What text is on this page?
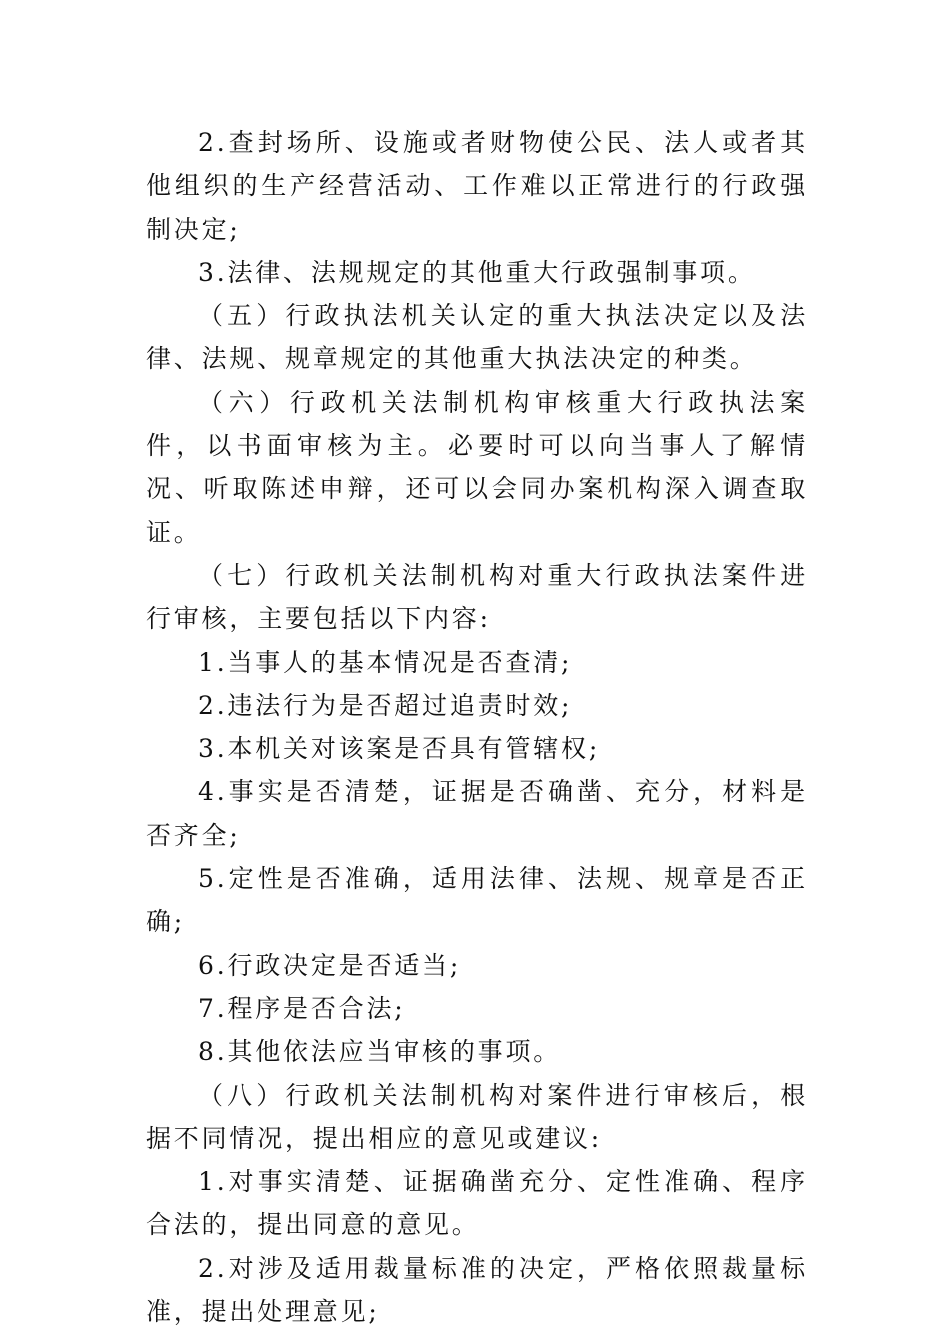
2.查封场所、设施或者财物使公民、法人或者其他组织的生产经营活动、工作难以正常进行的行政强制决定;

3.法律、法规规定的其他重大行政强制事项。

（五）行政执法机关认定的重大执法决定以及法律、法规、规章规定的其他重大执法决定的种类。

（六）行政机关法制机构审核重大行政执法案件，以书面审核为主。必要时可以向当事人了解情况、听取陈述申辩，还可以会同办案机构深入调查取证。

（七）行政机关法制机构对重大行政执法案件进行审核，主要包括以下内容:

1.当事人的基本情况是否查清;

2.违法行为是否超过追责时效;

3.本机关对该案是否具有管辖权;

4.事实是否清楚，证据是否确凿、充分，材料是否齐全;

5.定性是否准确，适用法律、法规、规章是否正确;

6.行政决定是否适当;

7.程序是否合法;

8.其他依法应当审核的事项。

（八）行政机关法制机构对案件进行审核后，根据不同情况，提出相应的意见或建议:

1.对事实清楚、证据确凿充分、定性准确、程序合法的，提出同意的意见。

2.对涉及适用裁量标准的决定，严格依照裁量标准，提出处理意见;
